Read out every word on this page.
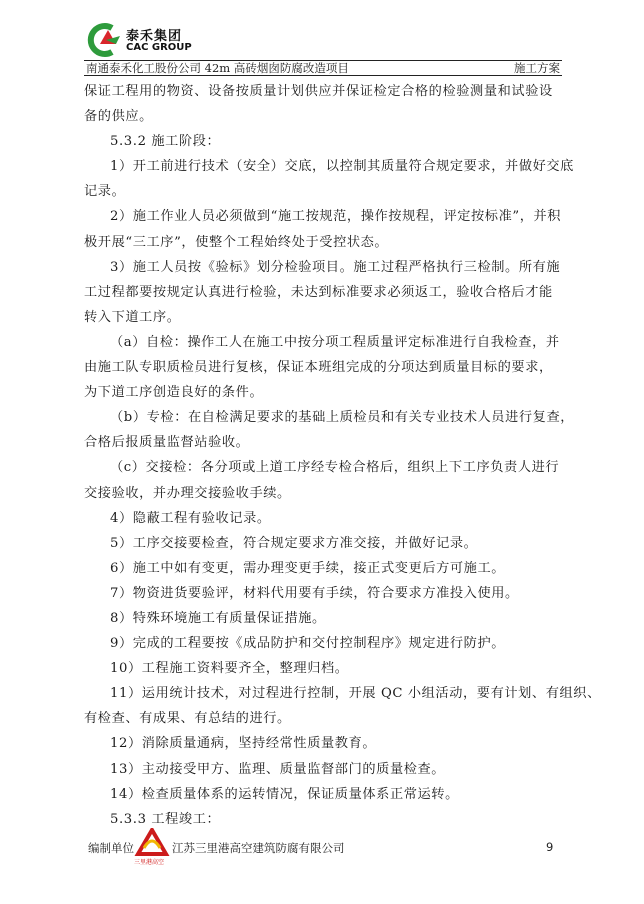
泰禾集团
CAC GROUP
南通泰禾化工股份公司 42m 高砖烟囱防腐改造项目	施工方案

保证工程用的物资、设备按质量计划供应并保证检定合格的检验测量和试验设

备的供应。

5.3.2 施工阶段：

1）开工前进行技术（安全）交底，以控制其质量符合规定要求，并做好交底

记录。

2）施工作业人员必须做到“施工按规范，操作按规程，评定按标准”，并积

极开展“三工序”，使整个工程始终处于受控状态。

3）施工人员按《验标》划分检验项目。施工过程严格执行三检制。所有施

工过程都要按规定认真进行检验，未达到标准要求必须返工，验收合格后才能

转入下道工序。

（a）自检：操作工人在施工中按分项工程质量评定标准进行自我检查，并

由施工队专职质检员进行复核，保证本班组完成的分项达到质量目标的要求，

为下道工序创造良好的条件。

（b）专检：在自检满足要求的基础上质检员和有关专业技术人员进行复查，

合格后报质量监督站验收。

（c）交接检：各分项或上道工序经专检合格后，组织上下工序负责人进行

交接验收，并办理交接验收手续。

4）隐蔽工程有验收记录。

5）工序交接要检查，符合规定要求方准交接，并做好记录。

6）施工中如有变更，需办理变更手续，接正式变更后方可施工。

7）物资进货要验评，材料代用要有手续，符合要求方准投入使用。

8）特殊环境施工有质量保证措施。

9）完成的工程要按《成品防护和交付控制程序》规定进行防护。

10）工程施工资料要齐全，整理归档。

11）运用统计技术，对过程进行控制，开展 QC 小组活动，要有计划、有组织、

有检查、有成果、有总结的进行。

12）消除质量通病，坚持经常性质量教育。

13）主动接受甲方、监理、质量监督部门的质量检查。

14）检查质量体系的运转情况，保证质量体系正常运转。

5.3.3 工程竣工：

编制单位
三里港高空
江苏三里港高空建筑防腐有限公司	9
